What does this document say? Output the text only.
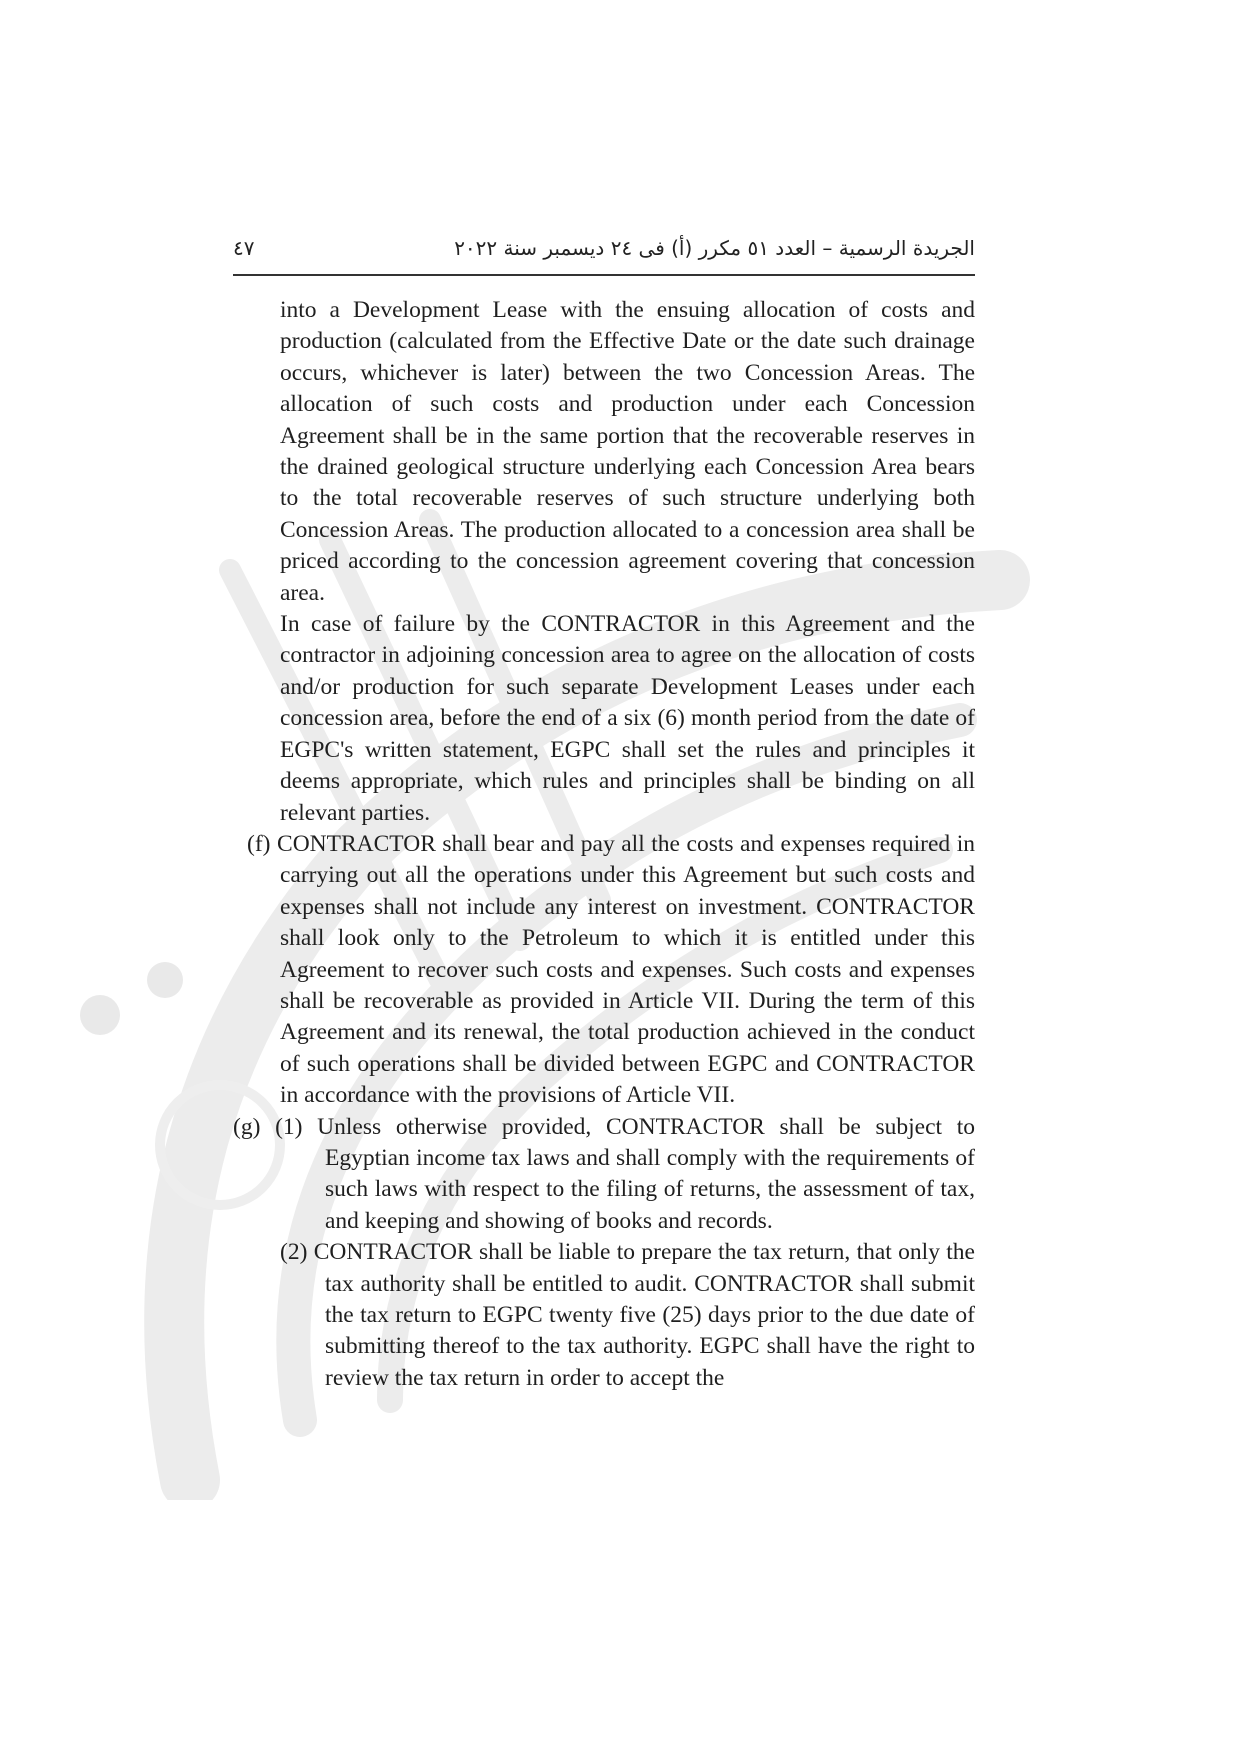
٤٧	الجريدة الرسمية – العدد ٥١ مكرر (أ) فى ٢٤ ديسمبر سنة ٢٠٢٢

into a Development Lease with the ensuing allocation of costs and production (calculated from the Effective Date or the date such drainage occurs, whichever is later) between the two Concession Areas. The allocation of such costs and production under each Concession Agreement shall be in the same portion that the recoverable reserves in the drained geological structure underlying each Concession Area bears to the total recoverable reserves of such structure underlying both Concession Areas. The production allocated to a concession area shall be priced according to the concession agreement covering that concession area.

In case of failure by the CONTRACTOR in this Agreement and the contractor in adjoining concession area to agree on the allocation of costs and/or production for such separate Development Leases under each concession area, before the end of a six (6) month period from the date of EGPC's written statement, EGPC shall set the rules and principles it deems appropriate, which rules and principles shall be binding on all relevant parties.

(f) CONTRACTOR shall bear and pay all the costs and expenses required in carrying out all the operations under this Agreement but such costs and expenses shall not include any interest on investment. CONTRACTOR shall look only to the Petroleum to which it is entitled under this Agreement to recover such costs and expenses. Such costs and expenses shall be recoverable as provided in Article VII. During the term of this Agreement and its renewal, the total production achieved in the conduct of such operations shall be divided between EGPC and CONTRACTOR in accordance with the provisions of Article VII.

(g) (1) Unless otherwise provided, CONTRACTOR shall be subject to Egyptian income tax laws and shall comply with the requirements of such laws with respect to the filing of returns, the assessment of tax, and keeping and showing of books and records.

(2) CONTRACTOR shall be liable to prepare the tax return, that only the tax authority shall be entitled to audit. CONTRACTOR shall submit the tax return to EGPC twenty five (25) days prior to the due date of submitting thereof to the tax authority. EGPC shall have the right to review the tax return in order to accept the
